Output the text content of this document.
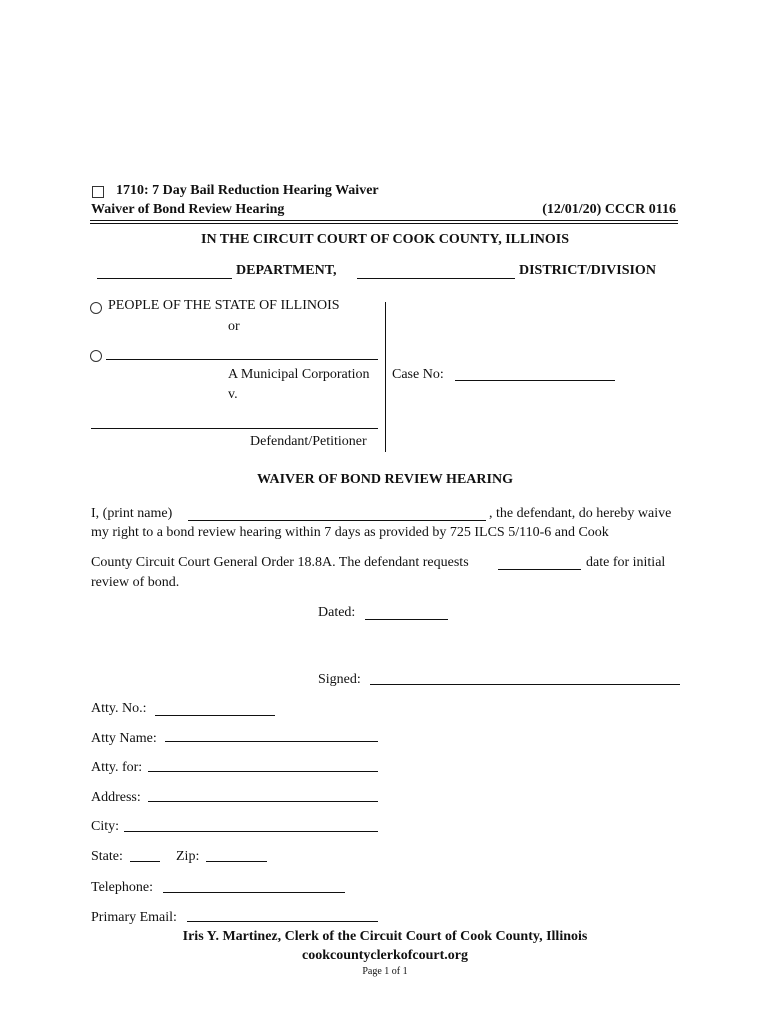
1710: 7 Day Bail Reduction Hearing Waiver
Waiver of Bond Review Hearing	(12/01/20) CCCR 0116
IN THE CIRCUIT COURT OF COOK COUNTY, ILLINOIS
DEPARTMENT,	DISTRICT/DIVISION
PEOPLE OF THE STATE OF ILLINOIS
or
A Municipal Corporation
v.
Defendant/Petitioner
Case No:
WAIVER OF BOND REVIEW HEARING
I, (print name)	, the defendant, do hereby waive
my right to a bond review hearing within 7 days as provided by 725 ILCS 5/110-6 and Cook
County Circuit Court General Order 18.8A. The defendant requests	date for initial
review of bond.
Dated:
Signed:
Atty. No.:
Atty Name:
Atty. for:
Address:
City:
State:	Zip:
Telephone:
Primary Email:
Iris Y. Martinez, Clerk of the Circuit Court of Cook County, Illinois
cookcountyclerkofcourt.org
Page 1 of 1
